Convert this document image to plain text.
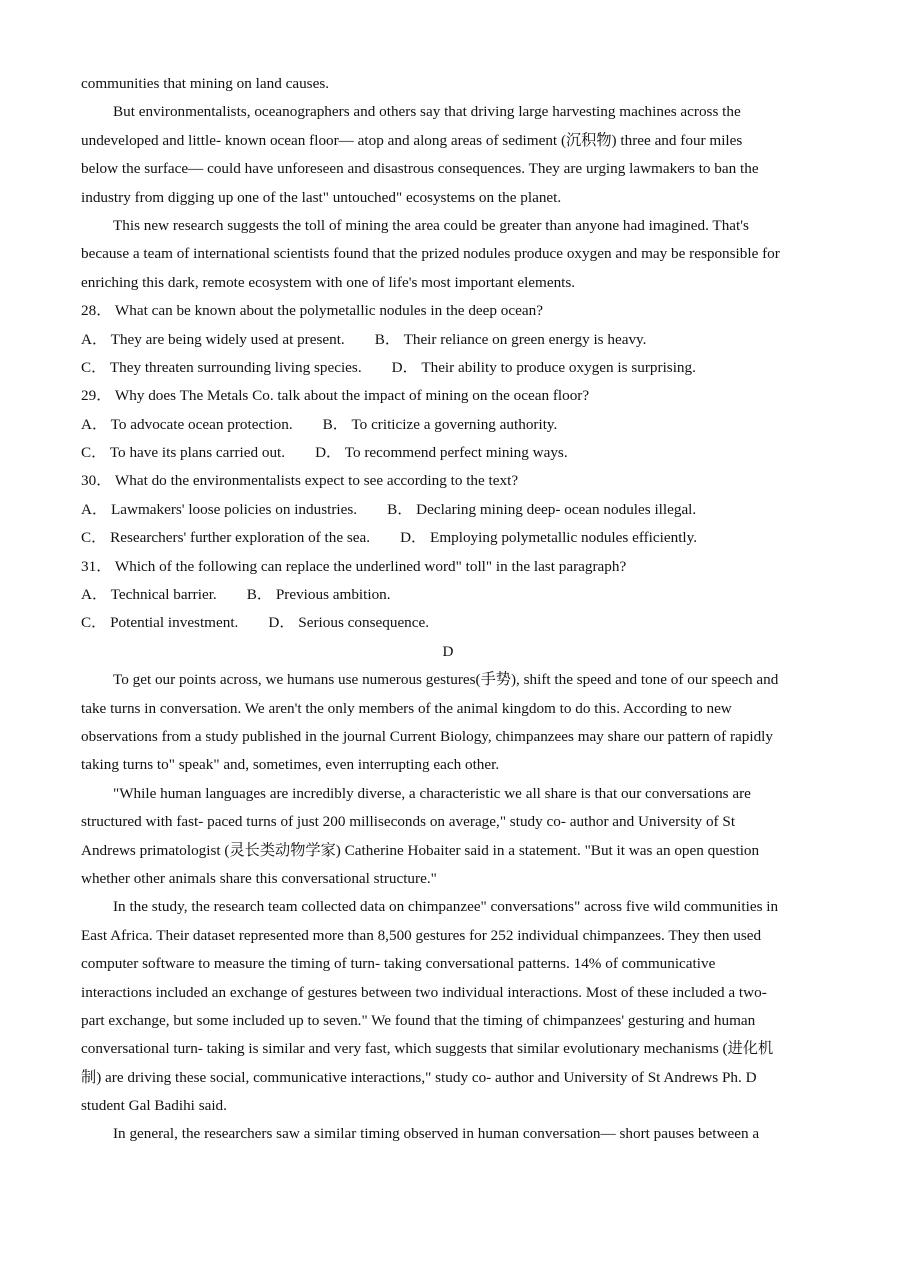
communities that mining on land causes.
But environmentalists, oceanographers and others say that driving large harvesting machines across the
undeveloped and little- known ocean floor— atop and along areas of sediment (沉积物) three and four miles
below the surface— could have unforeseen and disastrous consequences. They are urging lawmakers to ban the
industry from digging up one of the last" untouched" ecosystems on the planet.
This new research suggests the toll of mining the area could be greater than anyone had imagined. That's
because a team of international scientists found that the prized nodules produce oxygen and may be responsible for
enriching this dark, remote ecosystem with one of life's most important elements.
28． What can be known about the polymetallic nodules in the deep ocean?
A． They are being widely used at present. B． Their reliance on green energy is heavy.
C． They threaten surrounding living species. D． Their ability to produce oxygen is surprising.
29． Why does The Metals Co. talk about the impact of mining on the ocean floor?
A． To advocate ocean protection. B． To criticize a governing authority.
C． To have its plans carried out. D． To recommend perfect mining ways.
30． What do the environmentalists expect to see according to the text?
A． Lawmakers' loose policies on industries. B． Declaring mining deep- ocean nodules illegal.
C． Researchers' further exploration of the sea. D． Employing polymetallic nodules efficiently.
31． Which of the following can replace the underlined word" toll" in the last paragraph?
A． Technical barrier. B． Previous ambition.
C． Potential investment. D． Serious consequence.
D
To get our points across, we humans use numerous gestures(手势), shift the speed and tone of our speech and
take turns in conversation. We aren't the only members of the animal kingdom to do this. According to new
observations from a study published in the journal Current Biology, chimpanzees may share our pattern of rapidly
taking turns to" speak" and, sometimes, even interrupting each other.
"While human languages are incredibly diverse, a characteristic we all share is that our conversations are
structured with fast- paced turns of just 200 milliseconds on average," study co- author and University of St
Andrews primatologist (灵长类动物学家) Catherine Hobaiter said in a statement. "But it was an open question
whether other animals share this conversational structure."
In the study, the research team collected data on chimpanzee" conversations" across five wild communities in
East Africa. Their dataset represented more than 8,500 gestures for 252 individual chimpanzees. They then used
computer software to measure the timing of turn- taking conversational patterns. 14% of communicative
interactions included an exchange of gestures between two individual interactions. Most of these included a two-
part exchange, but some included up to seven." We found that the timing of chimpanzees' gesturing and human
conversational turn- taking is similar and very fast, which suggests that similar evolutionary mechanisms (进化机
制) are driving these social, communicative interactions," study co- author and University of St Andrews Ph. D
student Gal Badihi said.
In general, the researchers saw a similar timing observed in human conversation— short pauses between a
